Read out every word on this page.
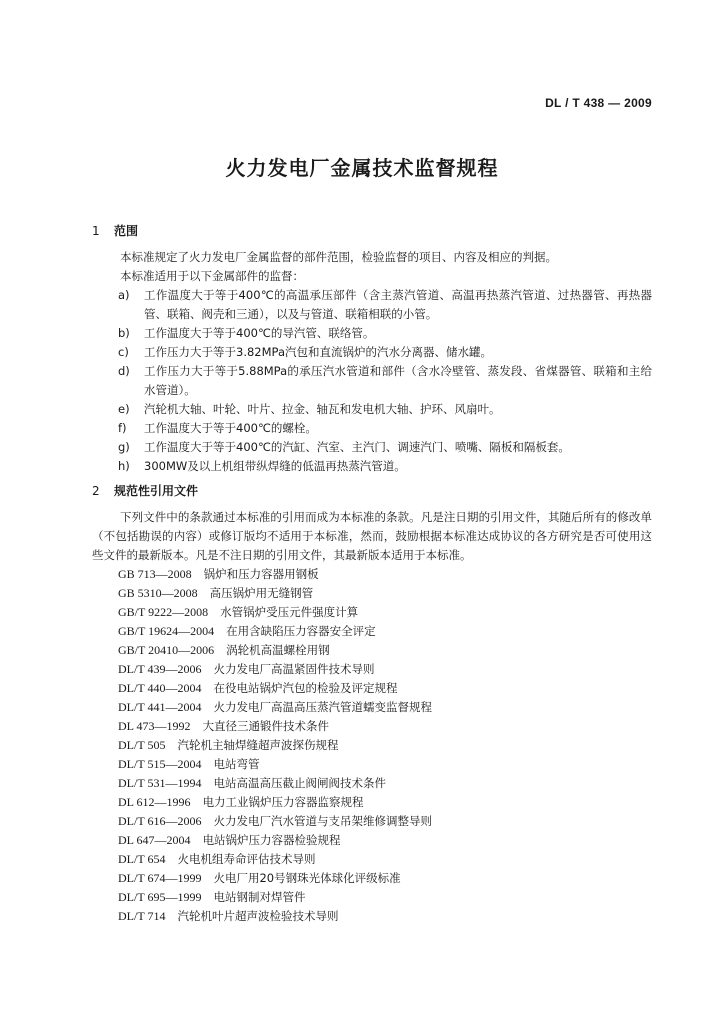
DL / T 438 — 2009
火力发电厂金属技术监督规程
1 范围
本标准规定了火力发电厂金属监督的部件范围，检验监督的项目、内容及相应的判据。
本标准适用于以下金属部件的监督：
a)	工作温度大于等于400℃的高温承压部件（含主蒸汽管道、高温再热蒸汽管道、过热器管、再热器管、联箱、阀壳和三通），以及与管道、联箱相联的小管。
b)	工作温度大于等于400℃的导汽管、联络管。
c)	工作压力大于等于3.82MPa汽包和直流锅炉的汽水分离器、储水罐。
d)	工作压力大于等于5.88MPa的承压汽水管道和部件（含水冷壁管、蒸发段、省煤器管、联箱和主给水管道）。
e)	汽轮机大轴、叶轮、叶片、拉金、轴瓦和发电机大轴、护环、风扇叶。
f)	工作温度大于等于400℃的螺栓。
g)	工作温度大于等于400℃的汽缸、汽室、主汽门、调速汽门、喷嘴、隔板和隔板套。
h)	300MW及以上机组带纵焊缝的低温再热蒸汽管道。
2 规范性引用文件
下列文件中的条款通过本标准的引用而成为本标准的条款。凡是注日期的引用文件，其随后所有的修改单（不包括勘误的内容）或修订版均不适用于本标准，然而，鼓励根据本标准达成协议的各方研究是否可使用这些文件的最新版本。凡是不注日期的引用文件，其最新版本适用于本标准。
GB 713—2008 锅炉和压力容器用钢板
GB 5310—2008 高压锅炉用无缝钢管
GB/T 9222—2008 水管锅炉受压元件强度计算
GB/T 19624—2004 在用含缺陷压力容器安全评定
GB/T 20410—2006 涡轮机高温螺栓用钢
DL/T 439—2006 火力发电厂高温紧固件技术导则
DL/T 440—2004 在役电站锅炉汽包的检验及评定规程
DL/T 441—2004 火力发电厂高温高压蒸汽管道蠕变监督规程
DL 473—1992 大直径三通锻件技术条件
DL/T 505 汽轮机主轴焊缝超声波探伤规程
DL/T 515—2004 电站弯管
DL/T 531—1994 电站高温高压截止阀闸阀技术条件
DL 612—1996 电力工业锅炉压力容器监察规程
DL/T 616—2006 火力发电厂汽水管道与支吊架维修调整导则
DL 647—2004 电站锅炉压力容器检验规程
DL/T 654 火电机组寿命评估技术导则
DL/T 674—1999 火电厂用20号钢珠光体球化评级标准
DL/T 695—1999 电站钢制对焊管件
DL/T 714 汽轮机叶片超声波检验技术导则
